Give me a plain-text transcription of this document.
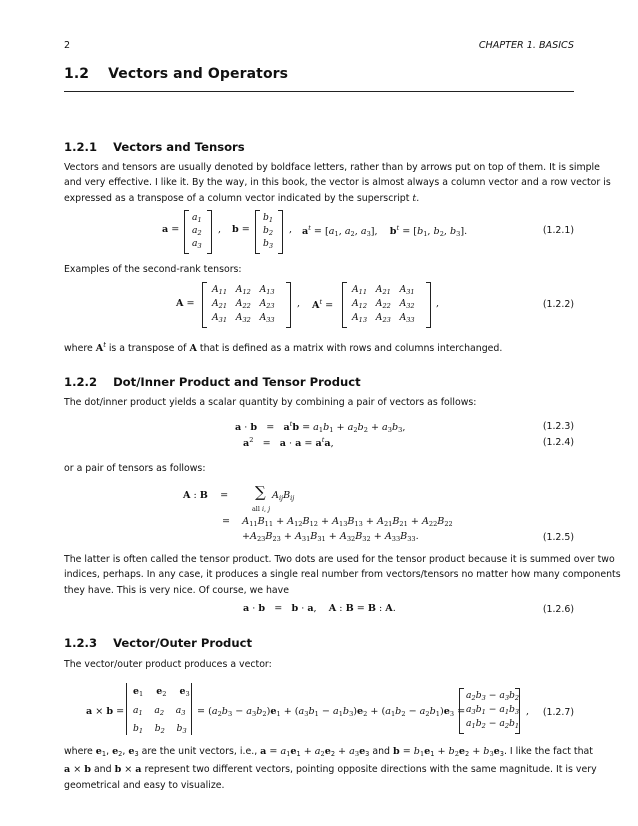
2	CHAPTER 1. BASICS
1.2 Vectors and Operators
1.2.1 Vectors and Tensors
Vectors and tensors are usually denoted by boldface letters, rather than by arrows put on top of them. It is simple
and very effective. I like it. By the way, in this book, the vector is almost always a column vector and a row vector is
expressed as a transpose of a column vector indicated by the superscript t.
a =
$a_1$
$a_2$
$a_3$
, b =
$b_1$
$b_2$
$b_3$
, $a^t = [a_1$, $a_2$, $a_3$],    $b^t = [b_1$, $b_2$, $b_3$].	(1.2.1)
Examples of the second-rank tensors:
A =
$A_{11}$   $A_{12}$   $A_{13}$
$A_{21}$   $A_{22}$   $A_{23}$
$A_{31}$   $A_{32}$   $A_{33}$
, $A^t$ =
$A_{11}$   $A_{21}$   $A_{31}$
$A_{12}$   $A_{22}$   $A_{32}$
$A_{13}$   $A_{23}$   $A_{33}$
,	(1.2.2)
where $A^t$ is a transpose of A that is defined as a matrix with rows and columns interchanged.
1.2.2 Dot/Inner Product and Tensor Product
The dot/inner product yields a scalar quantity by combining a pair of vectors as follows:
$a \cdot b = a^tb = a_1b_1 + a_2b_2 + a_3b_3$,	(1.2.3)
$a^2 = a \cdot a = a^ta$,	(1.2.4)
or a pair of tensors as follows:
A : B    = ∑
all i, j
$A_{ij}B_{ij}$
=    $A_{11}B_{11} + A_{12}B_{12} + A_{13}B_{13} + A_{21}B_{21} + A_{22}B_{22}$
$+A_{23}B_{23} + A_{31}B_{31} + A_{32}B_{32} + A_{33}B_{33}$.	(1.2.5)
The latter is often called the tensor product. Two dots are used for the tensor product because it is summed over two
indices, perhaps. In any case, it produces a single real number from vectors/tensors no matter how many components
they have. This is very nice. Of course, we have
a · b   =   b · a,    A : B = B : A.	(1.2.6)
1.2.3 Vector/Outer Product
The vector/outer product produces a vector:
a × b =
$e_1$    $e_2$    $e_3$
$a_1$    $a_2$    $a_3$
$b_1$    $b_2$    $b_3$
= $(a_2b_3 - a_3b_2)e_1 + (a_3b_1 - a_1b_3)e_2 + (a_1b_2 - a_2b_1)e_3$ =
$a_2b_3 - a_3b_2$
$a_3b_1 - a_1b_3$
$a_1b_2 - a_2b_1$
, (1.2.7)
where $e_1$, $e_2$, $e_3$ are the unit vectors, i.e., $a = a_1e_1 + a_2e_2 + a_3e_3$ and $b = b_1e_1 + b_2e_2 + b_3e_3$. I like the fact that
a × b and b × a represent two different vectors, pointing opposite directions with the same magnitude. It is very
geometrical and easy to visualize.
